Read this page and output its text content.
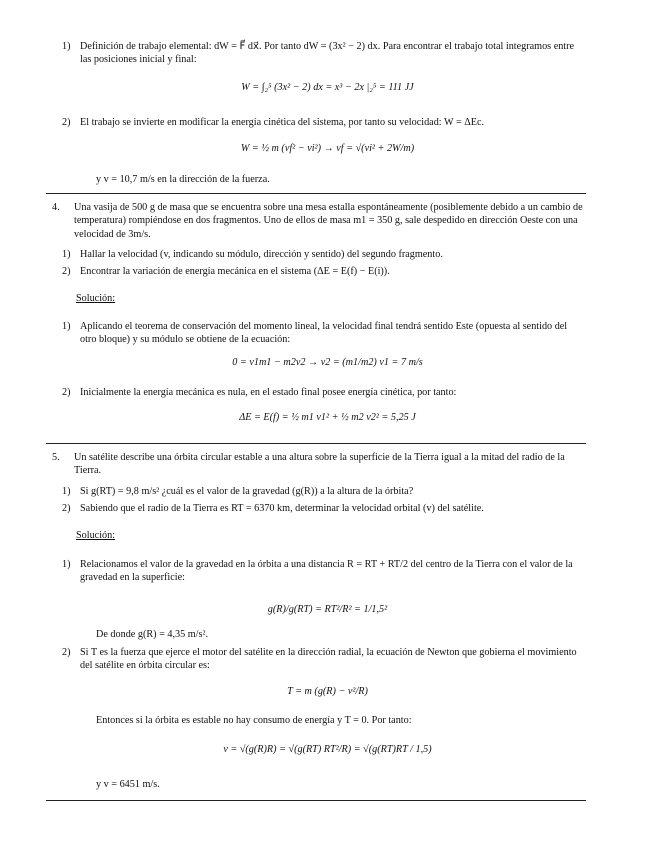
1) Definición de trabajo elemental: dW = F⃗ dx⃗. Por tanto dW = (3x² − 2) dx. Para encontrar el trabajo total integramos entre las posiciones inicial y final:
W = ∫₂⁵ (3x² − 2) dx = x³ − 2x |₂⁵ = 111 JJ
2) El trabajo se invierte en modificar la energía cinética del sistema, por tanto su velocidad: W = ΔEc.
W = ½ m (vf² − vi²) → vf = √(vi² + 2W/m)
y v = 10,7 m/s en la dirección de la fuerza.
4.	Una vasija de 500 g de masa que se encuentra sobre una mesa estalla espontáneamente (posiblemente debido a un cambio de temperatura) rompiéndose en dos fragmentos. Uno de ellos de masa m1 = 350 g, sale despedido en dirección Oeste con una velocidad de 3m/s.
1) Hallar la velocidad (v, indicando su módulo, dirección y sentido) del segundo fragmento.
2) Encontrar la variación de energía mecánica en el sistema (ΔE = E(f) − E(i)).
Solución:
1) Aplicando el teorema de conservación del momento lineal, la velocidad final tendrá sentido Este (opuesta al sentido del otro bloque) y su módulo se obtiene de la ecuación:
0 = v1m1 − m2v2 → v2 = (m1/m2) v1 = 7 m/s
2) Inicialmente la energía mecánica es nula, en el estado final posee energía cinética, por tanto:
ΔE = E(f) = ½ m1 v1² + ½ m2 v2² = 5,25 J
5.	Un satélite describe una órbita circular estable a una altura sobre la superficie de la Tierra igual a la mitad del radio de la Tierra.
1) Si g(RT) = 9,8 m/s² ¿cuál es el valor de la gravedad (g(R)) a la altura de la órbita?
2) Sabiendo que el radio de la Tierra es RT = 6370 km, determinar la velocidad orbital (v) del satélite.
Solución:
1) Relacionamos el valor de la gravedad en la órbita a una distancia R = RT + RT/2 del centro de la Tierra con el valor de la gravedad en la superficie:
g(R)/g(RT) = RT²/R² = 1/1,5²
De donde g(R) = 4,35 m/s².
2) Si T es la fuerza que ejerce el motor del satélite en la dirección radial, la ecuación de Newton que gobierna el movimiento del satélite en órbita circular es:
T = m (g(R) − v²/R)
Entonces si la órbita es estable no hay consumo de energía y T = 0. Por tanto:
v = √(g(R)R) = √(g(RT) RT²/R) = √(g(RT)RT / 1,5)
y v = 6451 m/s.
